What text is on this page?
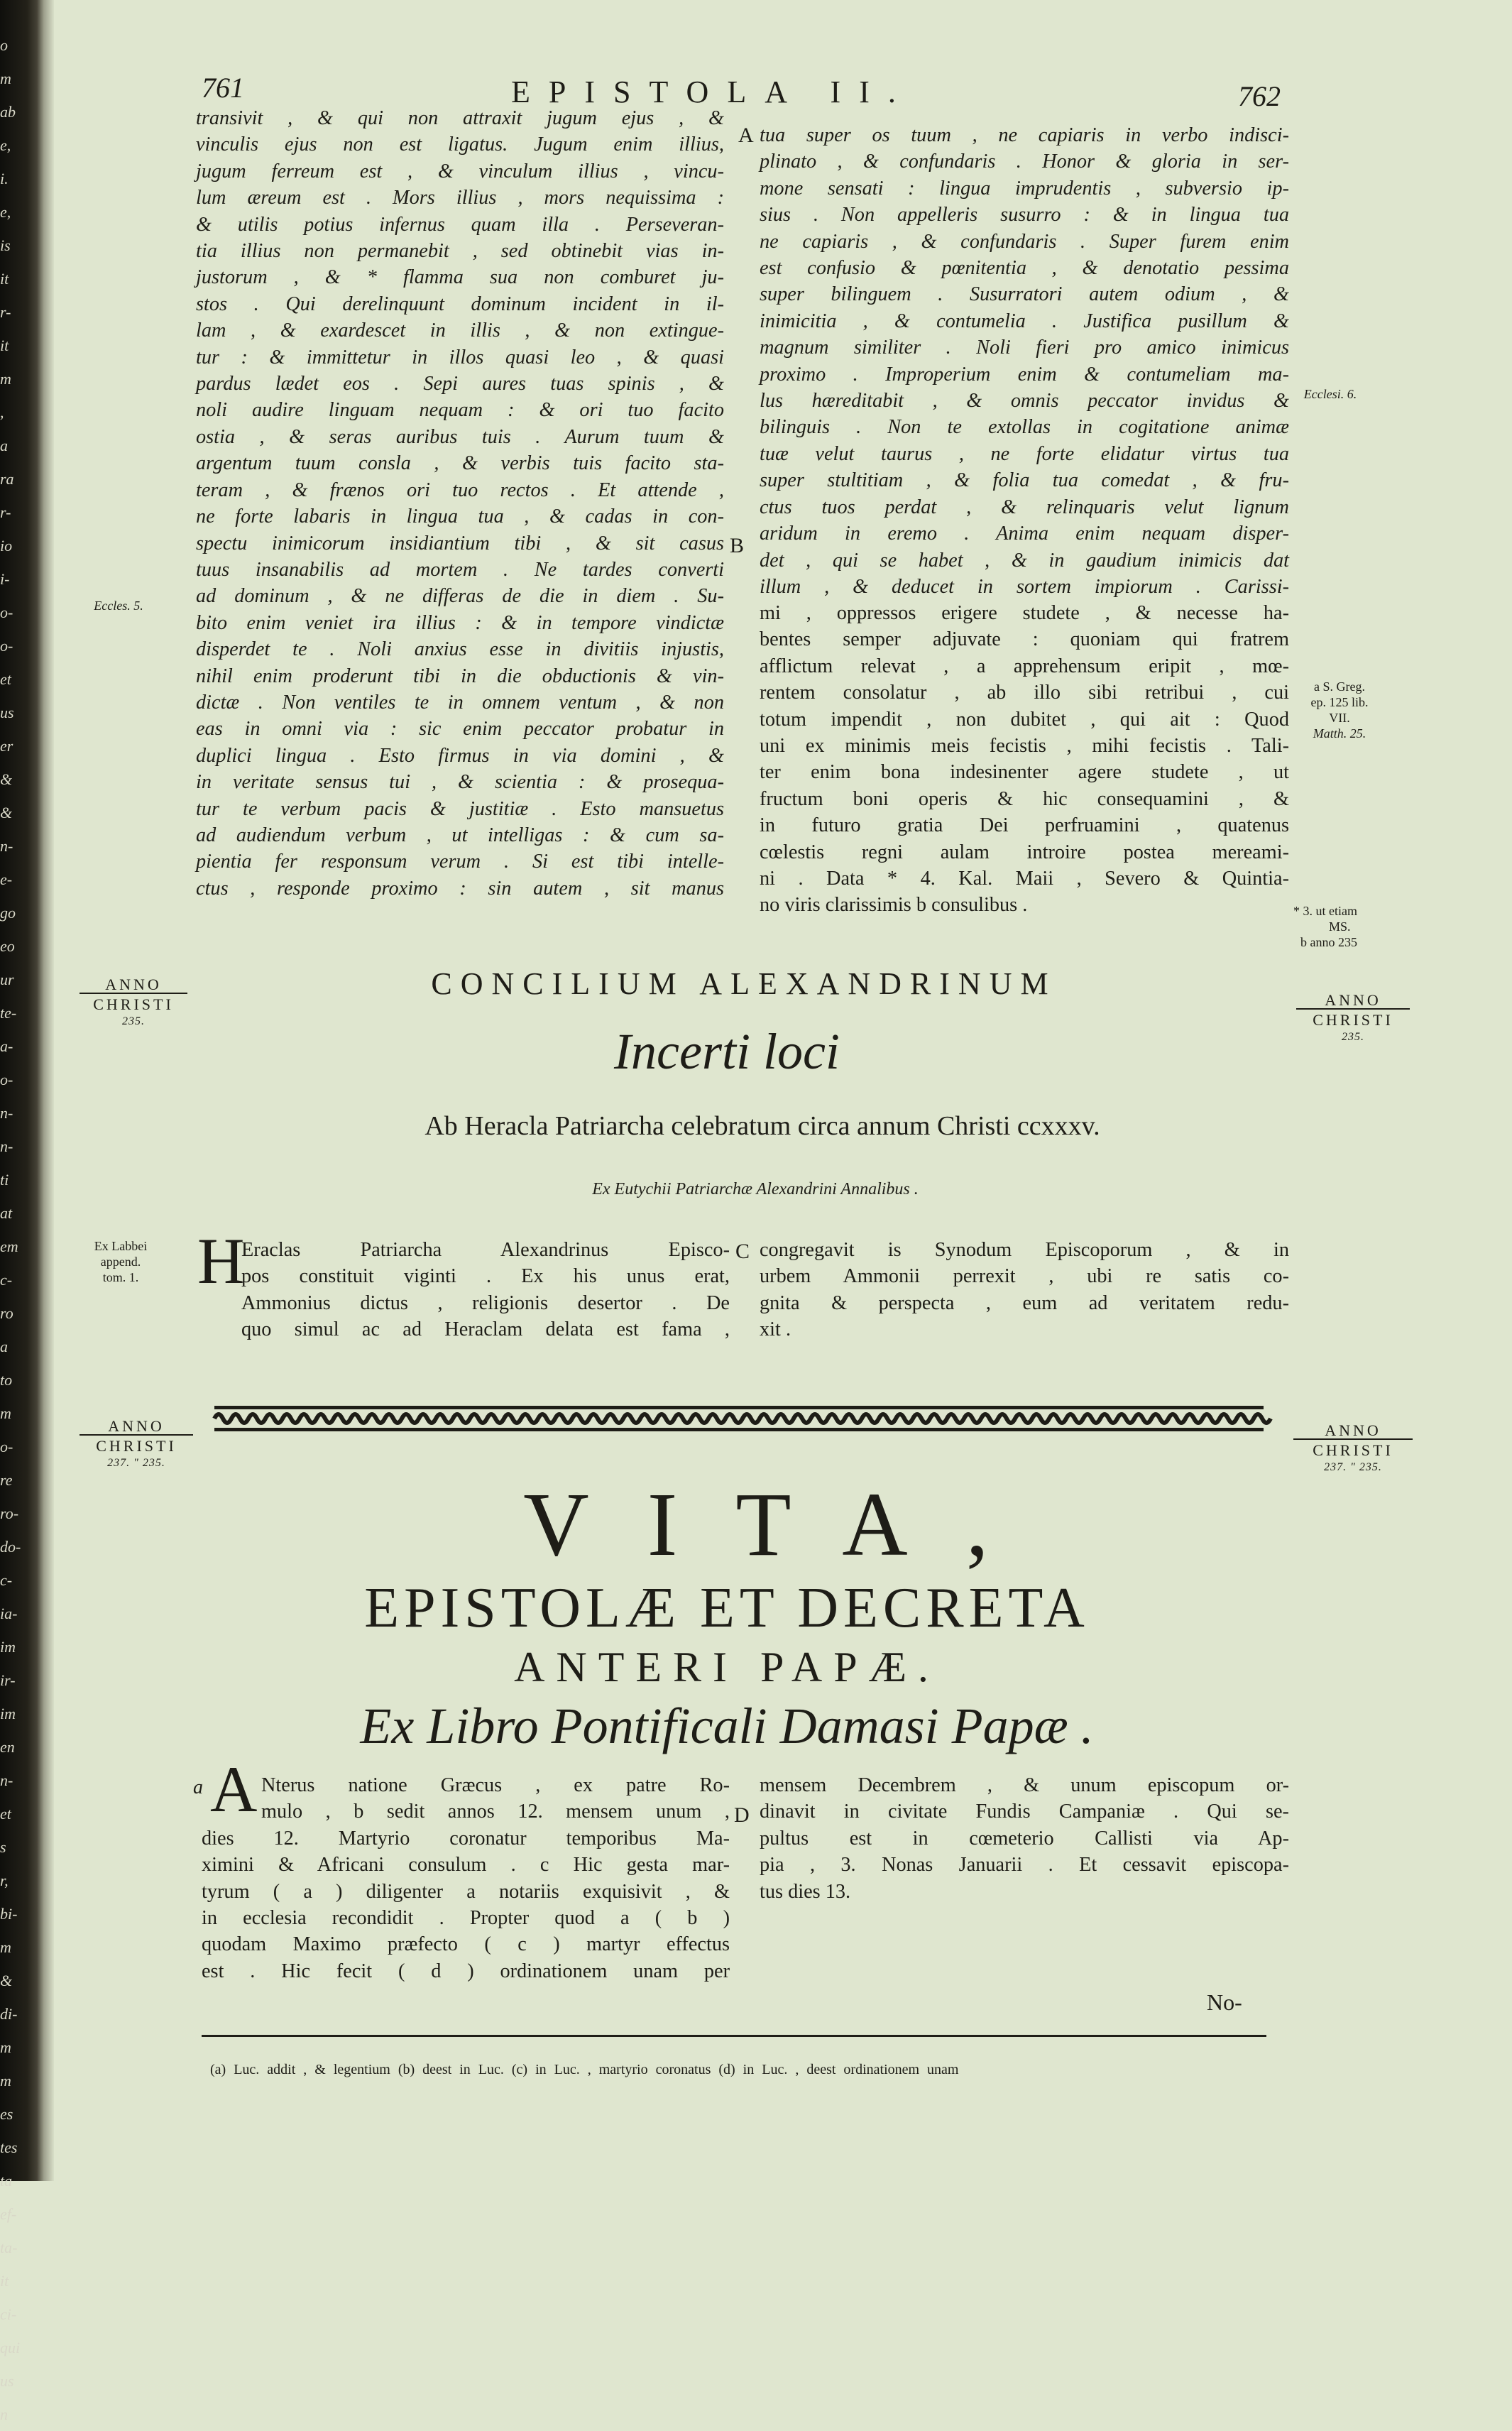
o
m
ab
e,
i.
e,
is
it
r-
it
m
,
a
ra
r-
io
i-
o-
o-
et
us
er
&
&
n-
e-
go
eo
ur
te-
a-
o-
n-
n-
ti
at
em
c-
ro
a
to
m
o-
re
ro-
do-
c-
ia-
im
ir-
im
en
n-
et
s
r,
bi-
m
&
di-
m
m
es
tes
ta
ef-
ta-
it
ci-
qui
us
n
761	EPISTOLA II.	762
transivit , & qui non attraxit jugum ejus , &
vinculis ejus non est ligatus. Jugum enim illius,
jugum ferreum est , & vinculum illius , vincu-
lum æreum est . Mors illius , mors nequissima :
& utilis potius infernus quam illa . Perseveran-
tia illius non permanebit , sed obtinebit vias in-
justorum , & * flamma sua non comburet ju-
stos . Qui derelinquunt dominum incident in il-
lam , & exardescet in illis , & non extingue-
tur : & immittetur in illos quasi leo , & quasi
pardus lædet eos . Sepi aures tuas spinis , &
noli audire linguam nequam : & ori tuo facito
ostia , & seras auribus tuis . Aurum tuum &
argentum tuum consla , & verbis tuis facito sta-
teram , & frænos ori tuo rectos . Et attende ,
ne forte labaris in lingua tua , & cadas in con-
spectu inimicorum insidiantium tibi , & sit casus
tuus insanabilis ad mortem . Ne tardes converti
ad dominum , & ne differas de die in diem . Su-
bito enim veniet ira illius : & in tempore vindictæ
disperdet te . Noli anxius esse in divitiis injustis,
nihil enim proderunt tibi in die obductionis & vin-
dictæ . Non ventiles te in omnem ventum , & non
eas in omni via : sic enim peccator probatur in
duplici lingua . Esto firmus in via domini , &
in veritate sensus tui , & scientia : & prosequa-
tur te verbum pacis & justitiæ . Esto mansuetus
ad audiendum verbum , ut intelligas : & cum sa-
pientia fer responsum verum . Si est tibi intelle-
ctus , responde proximo : sin autem , sit manus
A
B
C
D
tua super os tuum , ne capiaris in verbo indisci-
plinato , & confundaris . Honor & gloria in ser-
mone sensati : lingua imprudentis , subversio ip-
sius . Non appelleris susurro : & in lingua tua
ne capiaris , & confundaris . Super furem enim
est confusio & pœnitentia , & denotatio pessima
super bilinguem . Susurratori autem odium , &
inimicitia , & contumelia . Justifica pusillum &
magnum similiter . Noli fieri pro amico inimicus
proximo . Improperium enim & contumeliam ma-
lus hæreditabit , & omnis peccator invidus &
bilinguis . Non te extollas in cogitatione animæ
tuæ velut taurus , ne forte elidatur virtus tua
super stultitiam , & folia tua comedat , & fru-
ctus tuos perdat , & relinquaris velut lignum
aridum in eremo . Anima enim nequam disper-
det , qui se habet , & in gaudium inimicis dat
illum , & deducet in sortem impiorum . Carissi-
mi , oppressos erigere studete , & necesse ha-
bentes semper adjuvate : quoniam qui fratrem
afflictum relevat , a apprehensum eripit , mœ-
rentem consolatur , ab illo sibi retribui , cui
totum impendit , non dubitet , qui ait : Quod
uni ex minimis meis fecistis , mihi fecistis . Tali-
ter enim bona indesinenter agere studete , ut
fructum boni operis & hic consequamini , &
in futuro gratia Dei perfruamini , quatenus
cœlestis regni aulam introire postea mereami-
ni . Data * 4. Kal. Maii , Severo & Quintia-
no viris clarissimis b consulibus .
Eccles. 5.
Ecclesi. 6.
a S. Greg.
ep. 125 lib.
VII.
Matth. 25.
* 3. ut etiam
MS.
b anno 235
Ex Labbei
append.
tom. 1.
ANNO
CHRISTI
235.
ANNO
CHRISTI
235.
ANNO
CHRISTI
237. " 235.
ANNO
CHRISTI
237. " 235.
CONCILIUM ALEXANDRINUM
Incerti loci
Ab Heracla Patriarcha celebratum circa annum Christi ccxxxv.
Ex Eutychii Patriarchæ Alexandrini Annalibus .
H
Eraclas Patriarcha Alexandrinus Episco-
pos constituit viginti . Ex his unus erat,
Ammonius dictus , religionis desertor . De
quo simul ac ad Heraclam delata est fama ,
congregavit is Synodum Episcoporum , & in
urbem Ammonii perrexit , ubi re satis co-
gnita & perspecta , eum ad veritatem redu-
xit .
VITA,
EPISTOLÆ ET DECRETA
ANTERI PAPÆ.
Ex Libro Pontificali Damasi Papæ .
a A Nterus natione Græcus , ex patre Ro-
mulo , b sedit annos 12. mensem unum ,
dies 12. Martyrio coronatur temporibus Ma-
ximini & Africani consulum . c Hic gesta mar-
tyrum ( a ) diligenter a notariis exquisivit , &
in ecclesia recondidit . Propter quod a ( b )
quodam Maximo præfecto ( c ) martyr effectus
est . Hic fecit ( d ) ordinationem unam per
mensem Decembrem , & unum episcopum or-
dinavit in civitate Fundis Campaniæ . Qui se-
pultus est in cœmeterio Callisti via Ap-
pia , 3. Nonas Januarii . Et cessavit episcopa-
tus dies 13.
No-
(a) Luc. addit , & legentium (b) deest in Luc. (c) in Luc. , martyrio coronatus (d) in Luc. , deest ordinationem unam
